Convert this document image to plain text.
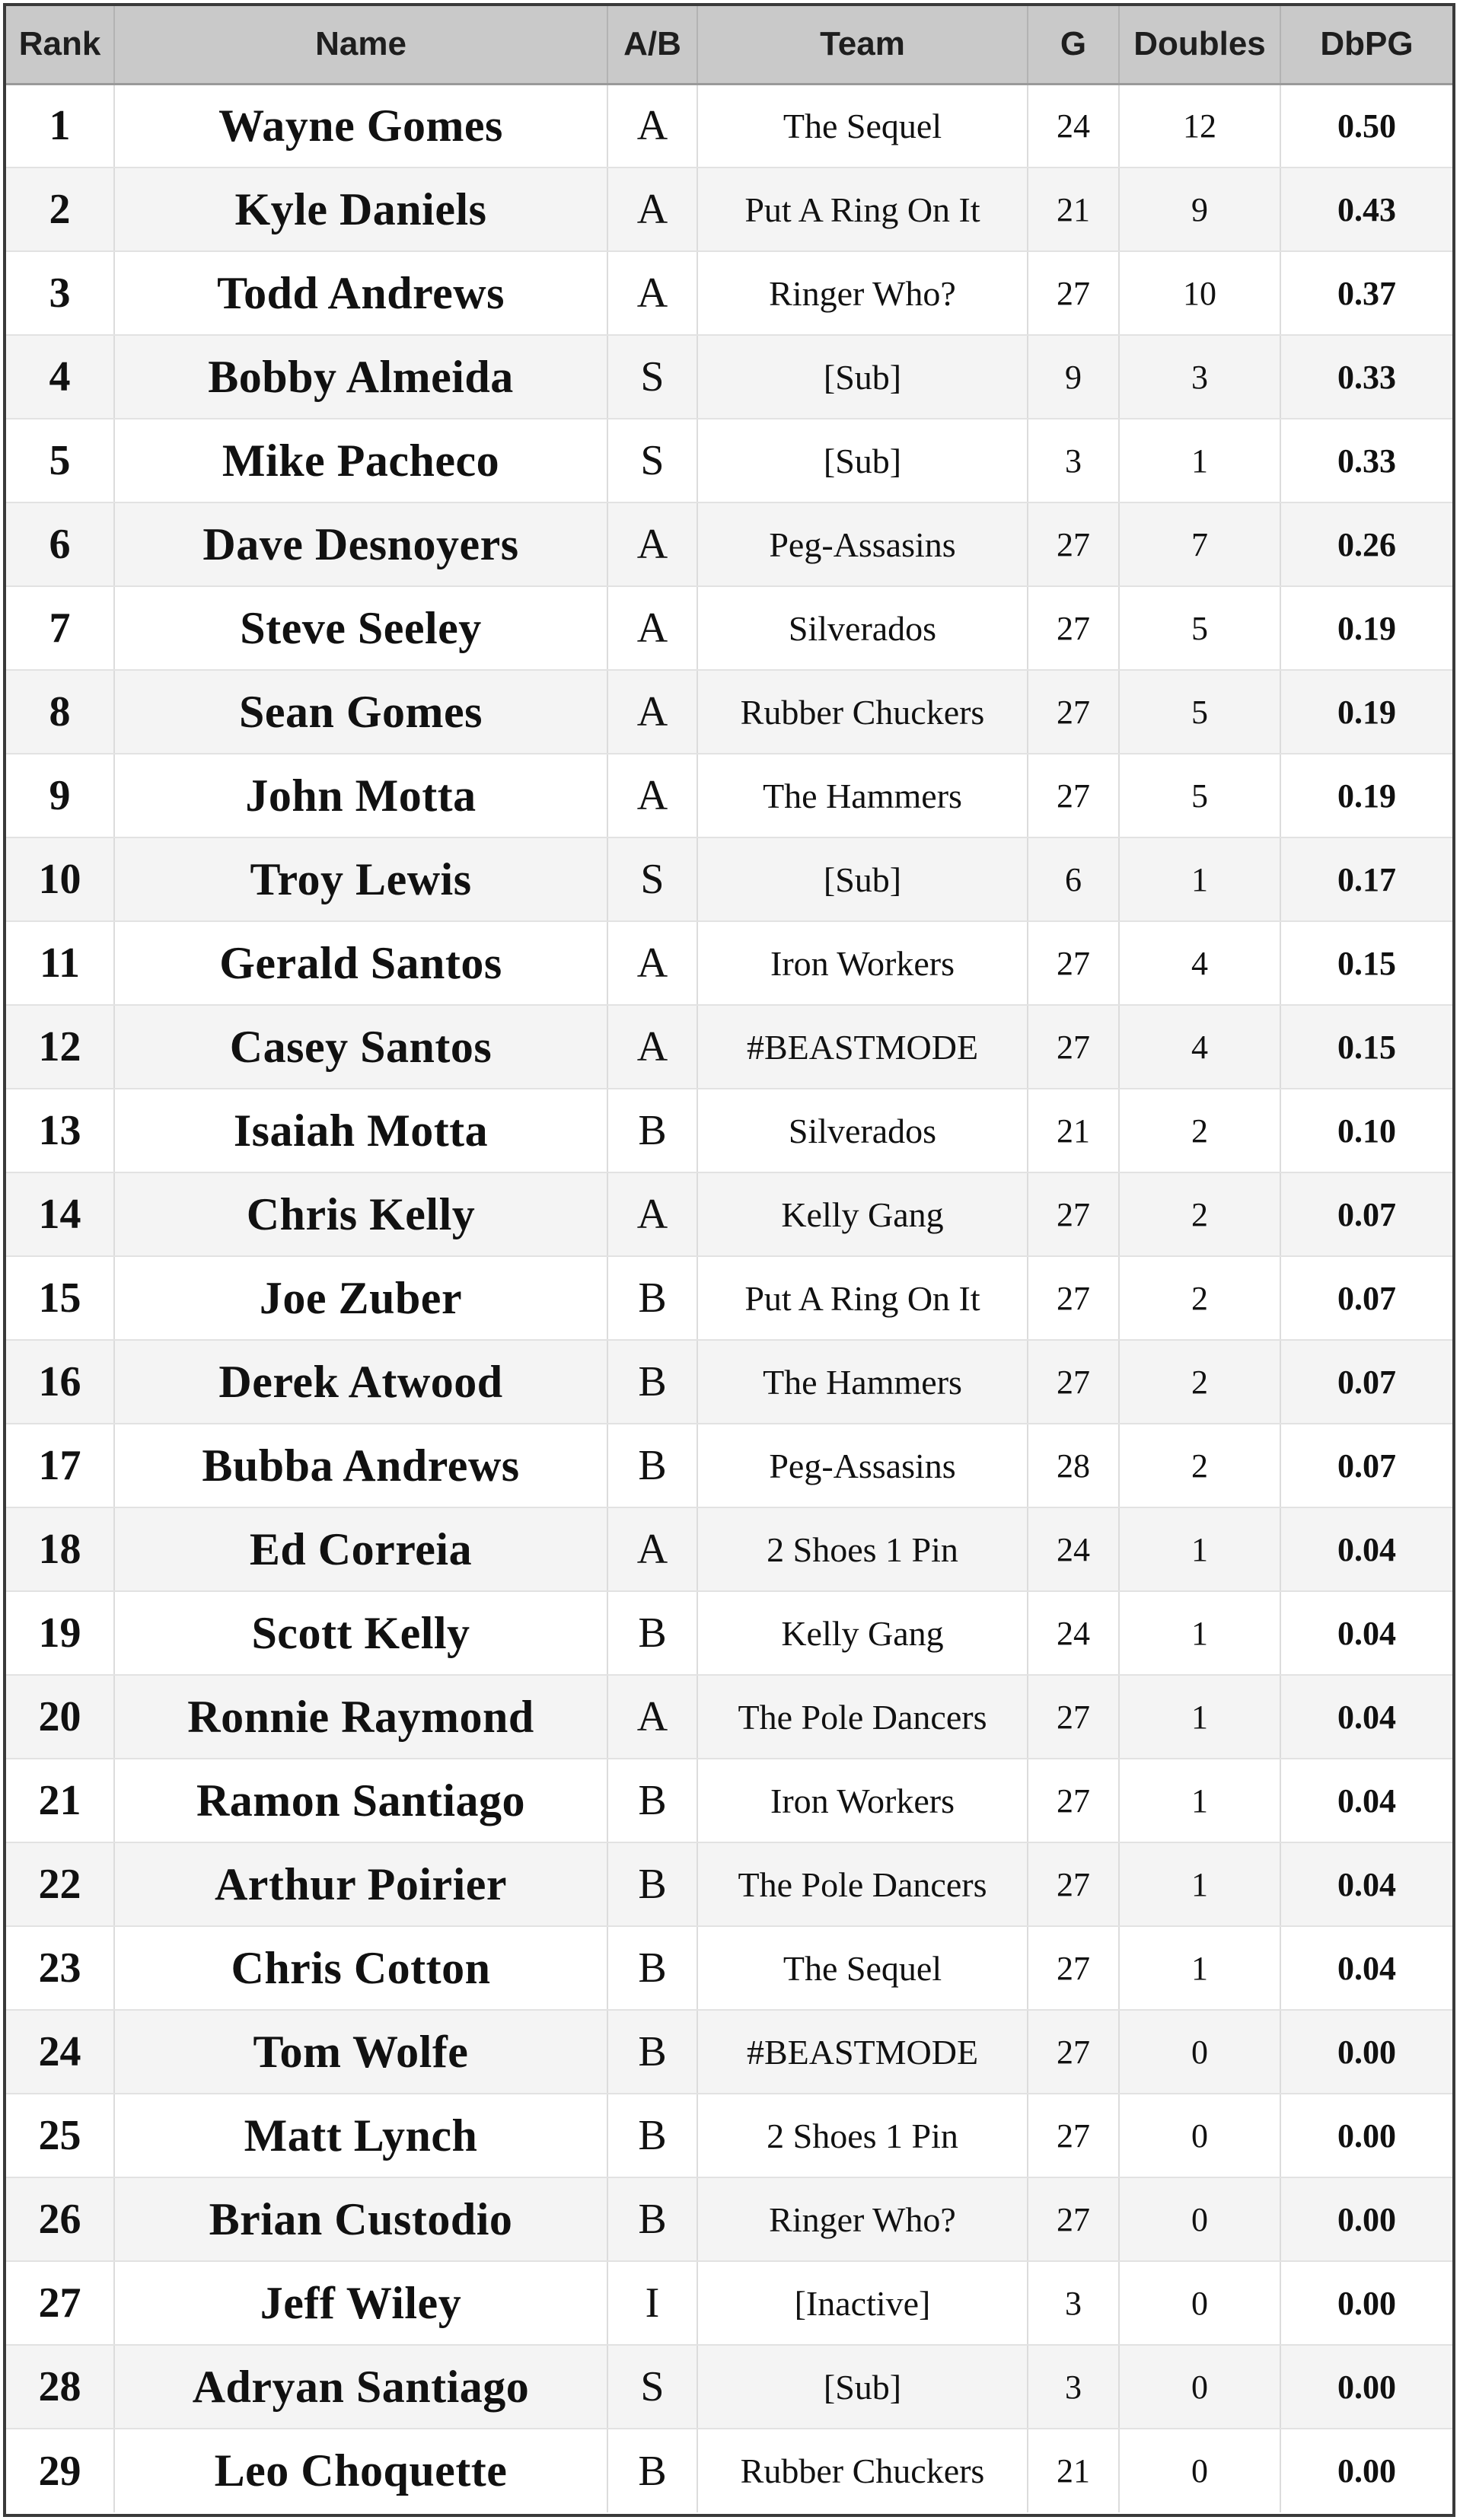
Rank	Name	A/B	Team	G	Doubles	DbPG
1	Wayne Gomes	A	The Sequel	24	12	0.50
2	Kyle Daniels	A	Put A Ring On It	21	9	0.43
3	Todd Andrews	A	Ringer Who?	27	10	0.37
4	Bobby Almeida	S	[Sub]	9	3	0.33
5	Mike Pacheco	S	[Sub]	3	1	0.33
6	Dave Desnoyers	A	Peg-Assasins	27	7	0.26
7	Steve Seeley	A	Silverados	27	5	0.19
8	Sean Gomes	A	Rubber Chuckers	27	5	0.19
9	John Motta	A	The Hammers	27	5	0.19
10	Troy Lewis	S	[Sub]	6	1	0.17
11	Gerald Santos	A	Iron Workers	27	4	0.15
12	Casey Santos	A	#BEASTMODE	27	4	0.15
13	Isaiah Motta	B	Silverados	21	2	0.10
14	Chris Kelly	A	Kelly Gang	27	2	0.07
15	Joe Zuber	B	Put A Ring On It	27	2	0.07
16	Derek Atwood	B	The Hammers	27	2	0.07
17	Bubba Andrews	B	Peg-Assasins	28	2	0.07
18	Ed Correia	A	2 Shoes 1 Pin	24	1	0.04
19	Scott Kelly	B	Kelly Gang	24	1	0.04
20	Ronnie Raymond	A	The Pole Dancers	27	1	0.04
21	Ramon Santiago	B	Iron Workers	27	1	0.04
22	Arthur Poirier	B	The Pole Dancers	27	1	0.04
23	Chris Cotton	B	The Sequel	27	1	0.04
24	Tom Wolfe	B	#BEASTMODE	27	0	0.00
25	Matt Lynch	B	2 Shoes 1 Pin	27	0	0.00
26	Brian Custodio	B	Ringer Who?	27	0	0.00
27	Jeff Wiley	I	[Inactive]	3	0	0.00
28	Adryan Santiago	S	[Sub]	3	0	0.00
29	Leo Choquette	B	Rubber Chuckers	21	0	0.00
